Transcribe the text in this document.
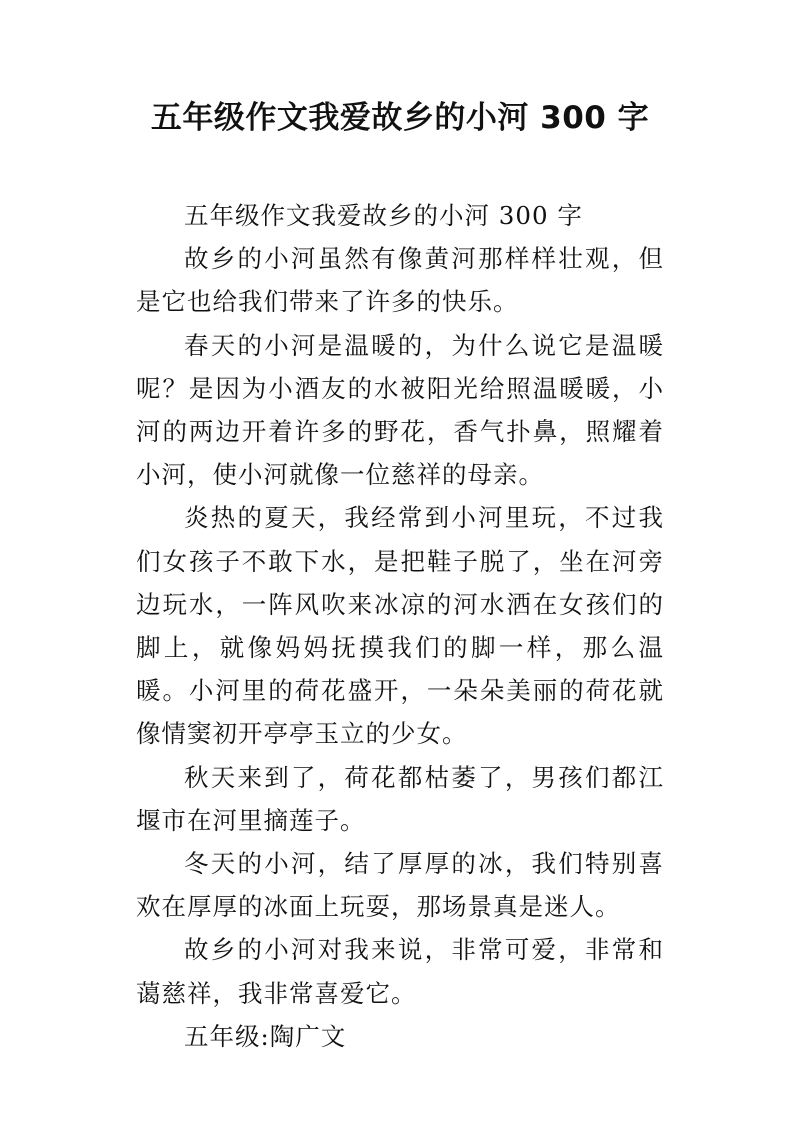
五年级作文我爱故乡的小河 300 字

五年级作文我爱故乡的小河 300 字

故乡的小河虽然有像黄河那样样壮观，但是它也给我们带来了许多的快乐。

春天的小河是温暖的，为什么说它是温暖呢？是因为小酒友的水被阳光给照温暖暖，小河的两边开着许多的野花，香气扑鼻，照耀着小河，使小河就像一位慈祥的母亲。

炎热的夏天，我经常到小河里玩，不过我们女孩子不敢下水，是把鞋子脱了，坐在河旁边玩水，一阵风吹来冰凉的河水洒在女孩们的脚上，就像妈妈抚摸我们的脚一样，那么温暖。小河里的荷花盛开，一朵朵美丽的荷花就像情窦初开亭亭玉立的少女。

秋天来到了，荷花都枯萎了，男孩们都江堰市在河里摘莲子。

冬天的小河，结了厚厚的冰，我们特别喜欢在厚厚的冰面上玩耍，那场景真是迷人。

故乡的小河对我来说，非常可爱，非常和蔼慈祥，我非常喜爱它。

五年级:陶广文
